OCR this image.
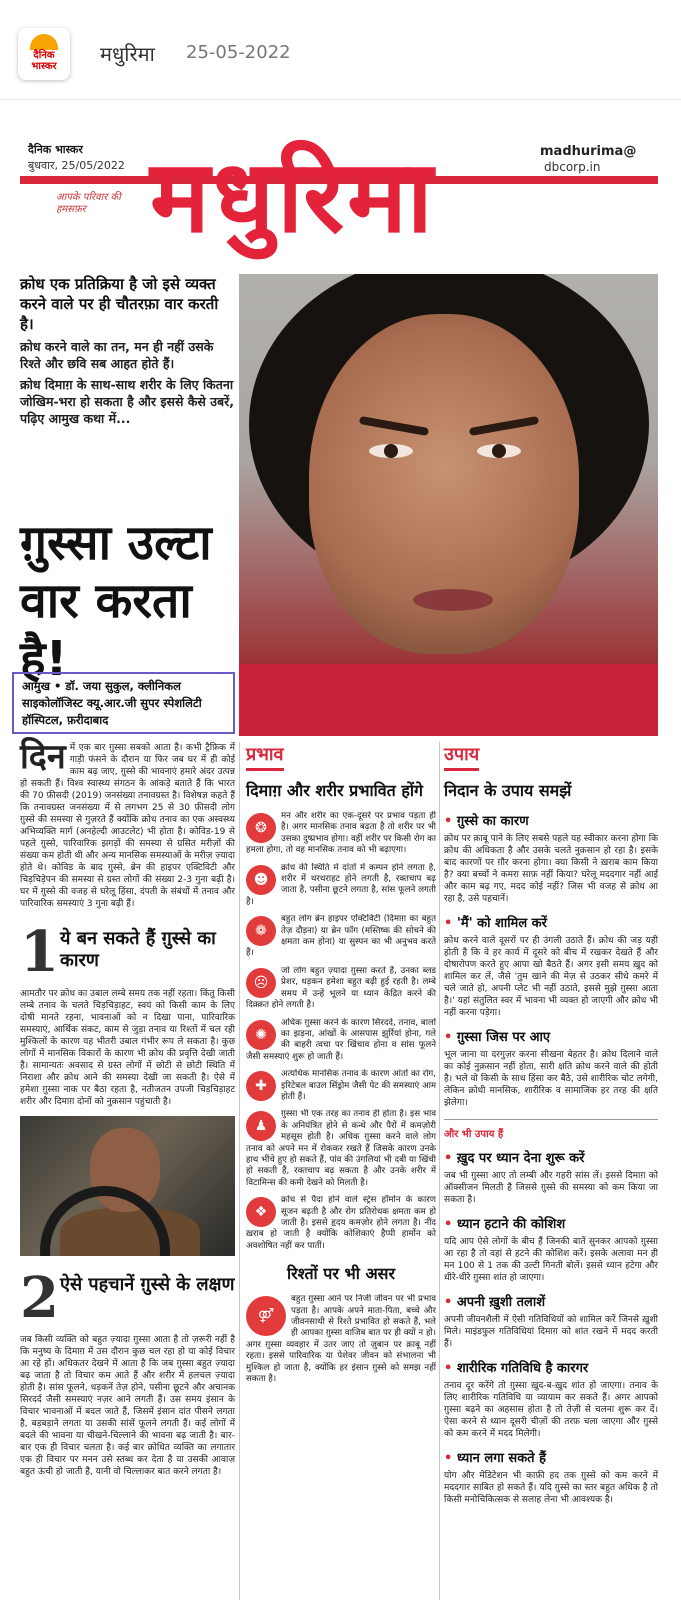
दैनिक
भास्कर मधुरिमा 25-05-2022
दैनिक भास्कर
बुधवार, 25/05/2022
madhurima@
dbcorp.in
आपके परिवार की हमसफ़र मधुरिमा

क्रोध एक प्रतिक्रिया है जो इसे व्यक्त करने वाले पर ही चौतरफ़ा वार करती है।

क्रोध करने वाले का तन, मन ही नहीं उसके रिश्ते और छवि सब आहत होते हैं।

क्रोध दिमाग़ के साथ-साथ शरीर के लिए कितना जोखिम-भरा हो सकता है और इससे कैसे उबरें, पढ़िए आमुख कथा में...

ग़ुस्सा उल्टा वार करता है!
आमुख • डॉ. जया सुकुल, क्लीनिकल साइकोलॉजिस्ट क्यू.आर.जी सुपर स्पेशलिटी हॉस्पिटल, फ़रीदाबाद
दिन में एक बार ग़ुस्सा सबको आता है। कभी ट्रैफ़िक में गाड़ी फंसने के दौरान या फिर जब घर में ही कोई काम बढ़ जाए, ग़ुस्से की भावनाएं हमारे अंदर उत्पन्न हो सकती हैं। विश्व स्वास्थ्य संगठन के आंकड़े बताते हैं कि भारत की 70 फ़ीसदी (2019) जनसंख्या तनावग्रस्त है। विशेषज्ञ कहते हैं कि तनावग्रस्त जनसंख्या में से लगभग 25 से 30 फ़ीसदी लोग ग़ुस्से की समस्या से गुज़रते हैं क्योंकि क्रोध तनाव का एक अस्वस्थ्य अभिव्यक्ति मार्ग (अनहेल्दी आउटलेट) भी होता है। कोविड-19 से पहले ग़ुस्से, पारिवारिक झगड़ों की समस्या से ग्रसित मरीज़ों की संख्या कम होती थी और अन्य मानसिक समस्याओं के मरीज़ ज़्यादा होते थे। कोविड के बाद ग़ुस्से, ब्रेन की हाइपर एक्टिविटी और चिड़चिड़ेपन की समस्या से ग्रस्त लोगों की संख्या 2-3 गुना बढ़ी है। घर में ग़ुस्से की वजह से घरेलू हिंसा, दंपती के संबंधों में तनाव और पारिवारिक समस्याएं 3 गुना बढ़ी हैं।
1 ये बन सकते हैं ग़ुस्से का कारण
आमतौर पर क्रोध का उबाल लम्बे समय तक नहीं रहता। किंतु किसी लम्बे तनाव के चलते चिड़चिड़ाहट, स्वयं को किसी काम के लिए दोषी मानते रहना, भावनाओं को न दिखा पाना, पारिवारिक समस्याएं, आर्थिक संकट, काम से जुड़ा तनाव या रिश्तों में चल रही मुश्किलों के कारण यह भीतरी उबाल गंभीर रूप ले सकता है। कुछ लोगों में मानसिक विकारों के कारण भी क्रोध की प्रवृत्ति देखी जाती है। सामान्यतः अवसाद से ग्रस्त लोगों में छोटी से छोटी स्थिति में निराशा और क्रोध आने की समस्या देखी जा सकती है। ऐसे में हमेशा ग़ुस्सा नाक पर बैठा रहता है, नतीजतन उपजी चिड़चिड़ाहट शरीर और दिमाग़ दोनों को नुक़सान पहुंचाती है।
2 ऐसे पहचानें ग़ुस्से के लक्षण
जब किसी व्यक्ति को बहुत ज़्यादा ग़ुस्सा आता है तो ज़रूरी नहीं है कि मनुष्य के दिमाग़ में उस दौरान कुछ चल रहा हो या कोई विचार आ रहे हों। अधिकतर देखने में आता है कि जब ग़ुस्सा बहुत ज़्यादा बढ़ जाता है तो विचार कम आते हैं और शरीर में हलचल ज़्यादा होती है। सांस फूलने, धड़कनें तेज़ होने, पसीना छूटने और अचानक सिरदर्द जैसी समस्याएं नज़र आने लगती हैं। उस समय इंसान के विचार भावनाओं में बदल जाते हैं, जिसमें इंसान दांत पीसने लगता है, बड़बड़ाने लगता या उसकी सांसें फूलने लगती हैं। कई लोगों में बदले की भावना या चीखने-चिल्लाने की भावना बढ़ जाती है। बार-बार एक ही विचार चलता है। कई बार क्रोधित व्यक्ति का लगातार एक ही विचार पर मनन उसे स्तब्ध कर देता है या उसकी आवाज़ बहुत ऊंची हो जाती है, यानी वो चिल्लाकर बात करने लगता है।
प्रभाव
दिमाग़ और शरीर प्रभावित होंगे
❂
मन और शरीर का एक-दूसरे पर प्रभाव पड़ता ही है। अगर मानसिक तनाव बढ़ता है तो शरीर पर भी उसका दुष्प्रभाव होगा। वहीं शरीर पर किसी रोग का हमला होगा, तो वह मानसिक तनाव को भी बढ़ाएगा।
☻
क्रोध की स्थिति में दांतों में कम्पन होने लगता है, शरीर में थरथराहट होने लगती है, रक्तचाप बढ़ जाता है, पसीना छूटने लगता है, सांस फूलने लगती है।
❁
बहुत लोग ब्रेन हाइपर एक्टिविटी (दिमाग़ का बहुत तेज़ दौड़ना) या ब्रेन फॉग (मस्तिष्क की सोचने की क्षमता कम होना) या सुस्पन का भी अनुभव करते हैं।
☹
जो लोग बहुत ज़्यादा ग़ुस्सा करते हैं, उनका ब्लड प्रेशर, धड़कन हमेशा बहुत बढ़ी हुई रहती है। लम्बे समय में उन्हें भूलने या ध्यान केंद्रित करने की दिक़्क़त होने लगती है।
✺
अधिक ग़ुस्सा करने के कारण सिरदर्द, तनाव, बालों का झड़ना, आंखों के आसपास झुर्रियां होना, गले की बाहरी त्वचा पर खिंचाव होना व सांस फूलने जैसी समस्याएं शुरू हो जाती हैं।
✚
अत्यधिक मानसिक तनाव के कारण आंतों का रोग, इरिटेबल बाउल सिंड्रोम जैसी पेट की समस्याएं आम होती हैं।
♟
ग़ुस्सा भी एक तरह का तनाव ही होता है। इस भाव के अनियंत्रित होने से कन्धे और पैरों में कमज़ोरी महसूस होती है। अधिक ग़ुस्सा करने वाले लोग तनाव को अपने मन में रोककर रखते हैं जिसके कारण उनके हाथ भींचे हुए हो सकते हैं, पांव की उंगलियां भी दबी या खिंची हो सकती हैं, रक्तचाप बढ़ सकता है और उनके शरीर में विटामिन्स की कमी देखने को मिलती है।
❖
क्रोध से पैदा होने वाले स्ट्रेस हॉर्मोन के कारण सूजन बढ़ती है और रोग प्रतिरोधक क्षमता कम हो जाती है। इससे हृदय कमज़ोर होने लगता है। नींद ख़राब हो जाती है क्योंकि कोशिकाएं हैप्पी हार्मोन को अवशोषित नहीं कर पातीं।
रिश्तों पर भी असर
⚤
बहुत ग़ुस्सा आने पर निजी जीवन पर भी प्रभाव पड़ता है। आपके अपने माता-पिता, बच्चे और जीवनसाथी से रिश्ते प्रभावित हो सकते हैं, भले ही आपका ग़ुस्सा वाजिब बात पर ही क्यों न हो। अगर ग़ुस्सा व्यवहार में उतर जाए तो ज़ुबान पर क़ाबू नहीं रहता। इससे पारिवारिक या पेशेवर जीवन को संभालना भी मुश्किल हो जाता है, क्योंकि हर इंसान ग़ुस्से को समझ नहीं सकता है।
उपाय
निदान के उपाय समझें
• ग़ुस्से का कारण
क्रोध पर क़ाबू पाने के लिए सबसे पहले यह स्वीकार करना होगा कि क्रोध की अधिकता है और उसके चलते नुक़सान हो रहा है। इसके बाद कारणों पर ग़ौर करना होगा। क्या किसी ने ख़राब काम किया है? क्या बच्चों ने कमरा साफ़ नहीं किया? घरेलू मददगार नहीं आई और काम बढ़ गए, मदद कोई नहीं? जिस भी वजह से क्रोध आ रहा है, उसे पहचानें।
• 'मैं' को शामिल करें
क्रोध करने वाले दूसरों पर ही उंगली उठाते हैं। क्रोध की जड़ यही होती है कि वे हर कार्य में दूसरे को बीच में रखकर देखते हैं और दोषारोपण करते हुए आपा खो बैठते हैं। अगर इसी समय ख़ुद को शामिल कर लें, जैसे 'तुम खाने की मेज़ से उठकर सीधे कमरे में चले जाते हो, अपनी प्लेट भी नहीं उठाते, इससे मुझे ग़ुस्सा आता है।' यहां संतुलित स्वर में भावना भी व्यक्त हो जाएगी और क्रोध भी नहीं करना पड़ेगा।
• ग़ुस्सा जिस पर आए
भूल जाना या दरगुज़र करना सीखना बेहतर है। क्रोध दिलाने वाले का कोई नुक़सान नहीं होता, सारी क्षति क्रोध करने वाले की होती है। भले वो किसी के साथ हिंसा कर बैठे, उसे शारीरिक चोट लगेगी, लेकिन क्रोधी मानसिक, शारीरिक व सामाजिक हर तरह की क्षति झेलेगा।
और भी उपाय हैं
• ख़ुद पर ध्यान देना शुरू करें
जब भी ग़ुस्सा आए तो लम्बी और गहरी सांस लें। इससे दिमाग़ को ऑक्सीजन मिलती है जिससे ग़ुस्से की समस्या को कम किया जा सकता है।
• ध्यान हटाने की कोशिश
यदि आप ऐसे लोगों के बीच हैं जिनकी बातें सुनकर आपको ग़ुस्सा आ रहा है तो वहां से हटने की कोशिश करें। इसके अलावा मन ही मन 100 से 1 तक की उल्टी गिनती बोलें। इससे ध्यान हटेगा और धीरे-धीरे ग़ुस्सा शांत हो जाएगा।
• अपनी ख़ुशी तलाशें
अपनी जीवनशैली में ऐसी गतिविधियों को शामिल करें जिनसे ख़ुशी मिले। माइंडफुल गतिविधियां दिमाग़ को शांत रखने में मदद करती हैं।
• शारीरिक गतिविधि है कारगर
तनाव दूर करेंगे तो ग़ुस्सा ख़ुद-ब-ख़ुद शांत हो जाएगा। तनाव के लिए शारीरिक गतिविधि या व्यायाम कर सकते हैं। अगर आपको ग़ुस्सा बढ़ने का अहसास होता है तो तेज़ी से चलना शुरू कर दें। ऐसा करने से ध्यान दूसरी चीज़ों की तरफ़ चला जाएगा और ग़ुस्से को कम करने में मदद मिलेगी।
• ध्यान लगा सकते हैं
योग और मेडिटेशन भी काफ़ी हद तक ग़ुस्से को कम करने में मददगार साबित हो सकते हैं। यदि ग़ुस्से का स्तर बहुत अधिक है तो किसी मनोचिकित्सक से सलाह लेना भी आवश्यक है।
